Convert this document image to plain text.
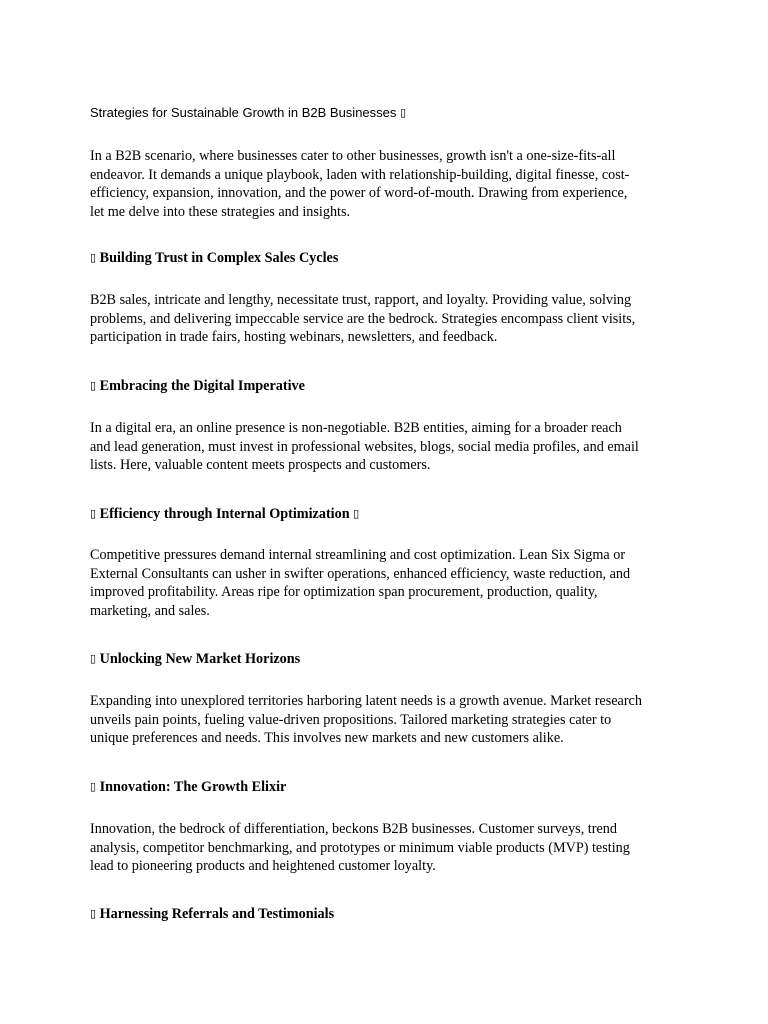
Strategies for Sustainable Growth in B2B Businesses ▯
In a B2B scenario, where businesses cater to other businesses, growth isn't a one-size-fits-all
endeavor. It demands a unique playbook, laden with relationship-building, digital finesse, cost-
efficiency, expansion, innovation, and the power of word-of-mouth. Drawing from experience,
let me delve into these strategies and insights.
▯ Building Trust in Complex Sales Cycles
B2B sales, intricate and lengthy, necessitate trust, rapport, and loyalty. Providing value, solving
problems, and delivering impeccable service are the bedrock. Strategies encompass client visits,
participation in trade fairs, hosting webinars, newsletters, and feedback.
▯ Embracing the Digital Imperative
In a digital era, an online presence is non-negotiable. B2B entities, aiming for a broader reach
and lead generation, must invest in professional websites, blogs, social media profiles, and email
lists. Here, valuable content meets prospects and customers.
▯ Efficiency through Internal Optimization ▯
Competitive pressures demand internal streamlining and cost optimization. Lean Six Sigma or
External Consultants can usher in swifter operations, enhanced efficiency, waste reduction, and
improved profitability. Areas ripe for optimization span procurement, production, quality,
marketing, and sales.
▯ Unlocking New Market Horizons
Expanding into unexplored territories harboring latent needs is a growth avenue. Market research
unveils pain points, fueling value-driven propositions. Tailored marketing strategies cater to
unique preferences and needs. This involves new markets and new customers alike.
▯ Innovation: The Growth Elixir
Innovation, the bedrock of differentiation, beckons B2B businesses. Customer surveys, trend
analysis, competitor benchmarking, and prototypes or minimum viable products (MVP) testing
lead to pioneering products and heightened customer loyalty.
▯ Harnessing Referrals and Testimonials
